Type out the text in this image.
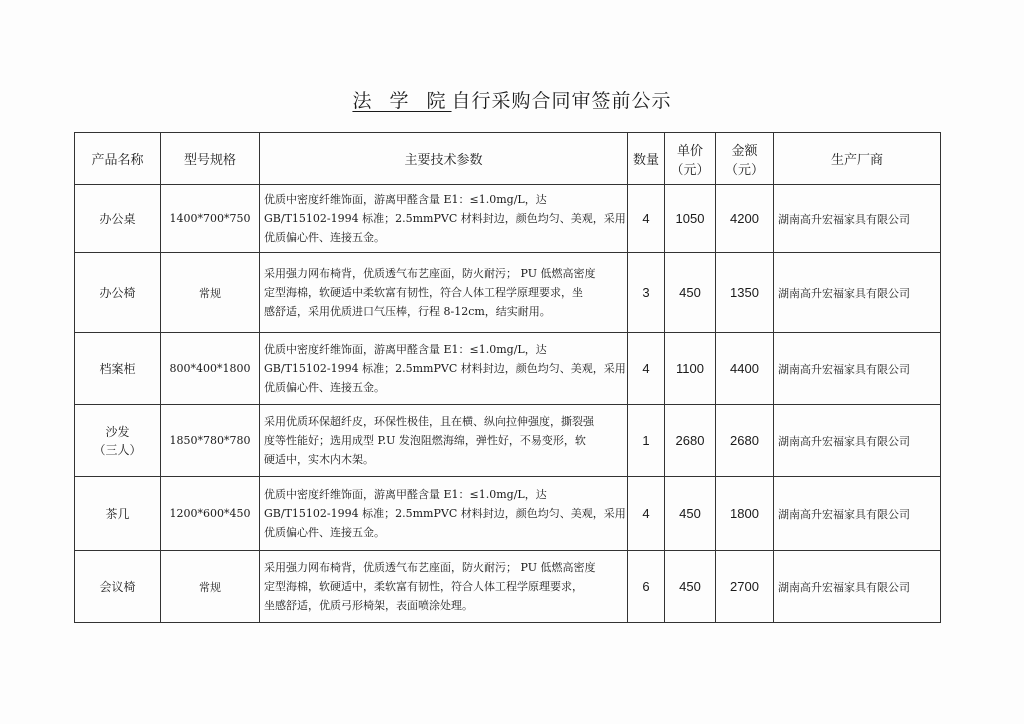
法 学 院自行采购合同审签前公示
产品名称	型号规格	主要技术参数	数量	单价（元）	金额（元）	生产厂商

办公桌	1400*700*750	优质中密度纤维饰面，游离甲醛含量 E1：≤1.0mg/L，达
GB/T15102-1994 标准；2.5mmPVC 材料封边，颜色均匀、美观，采用
优质偏心件、连接五金。	4	1050	4200	湖南高升宏福家具有限公司

办公椅	常规	采用强力网布椅背，优质透气布艺座面，防火耐污； PU 低燃高密度
定型海棉，软硬适中柔软富有韧性，符合人体工程学原理要求，坐
感舒适，采用优质进口气压棒，行程 8-12cm，结实耐用。	3	450	1350	湖南高升宏福家具有限公司

档案柜	800*400*1800	优质中密度纤维饰面，游离甲醛含量 E1：≤1.0mg/L，达
GB/T15102-1994 标准；2.5mmPVC 材料封边，颜色均匀、美观，采用
优质偏心件、连接五金。	4	1100	4400	湖南高升宏福家具有限公司

沙发
（三人）	1850*780*780	采用优质环保超纤皮，环保性极佳，且在横、纵向拉伸强度，撕裂强
度等性能好；选用成型 P.U 发泡阻燃海绵，弹性好，不易变形，软
硬适中，实木内木架。	1	2680	2680	湖南高升宏福家具有限公司

茶几	1200*600*450	优质中密度纤维饰面，游离甲醛含量 E1：≤1.0mg/L，达
GB/T15102-1994 标准；2.5mmPVC 材料封边，颜色均匀、美观，采用
优质偏心件、连接五金。	4	450	1800	湖南高升宏福家具有限公司

会议椅	常规	采用强力网布椅背，优质透气布艺座面，防火耐污； PU 低燃高密度
定型海棉，软硬适中，柔软富有韧性，符合人体工程学原理要求，
坐感舒适，优质弓形椅架，表面喷涂处理。	6	450	2700	湖南高升宏福家具有限公司
